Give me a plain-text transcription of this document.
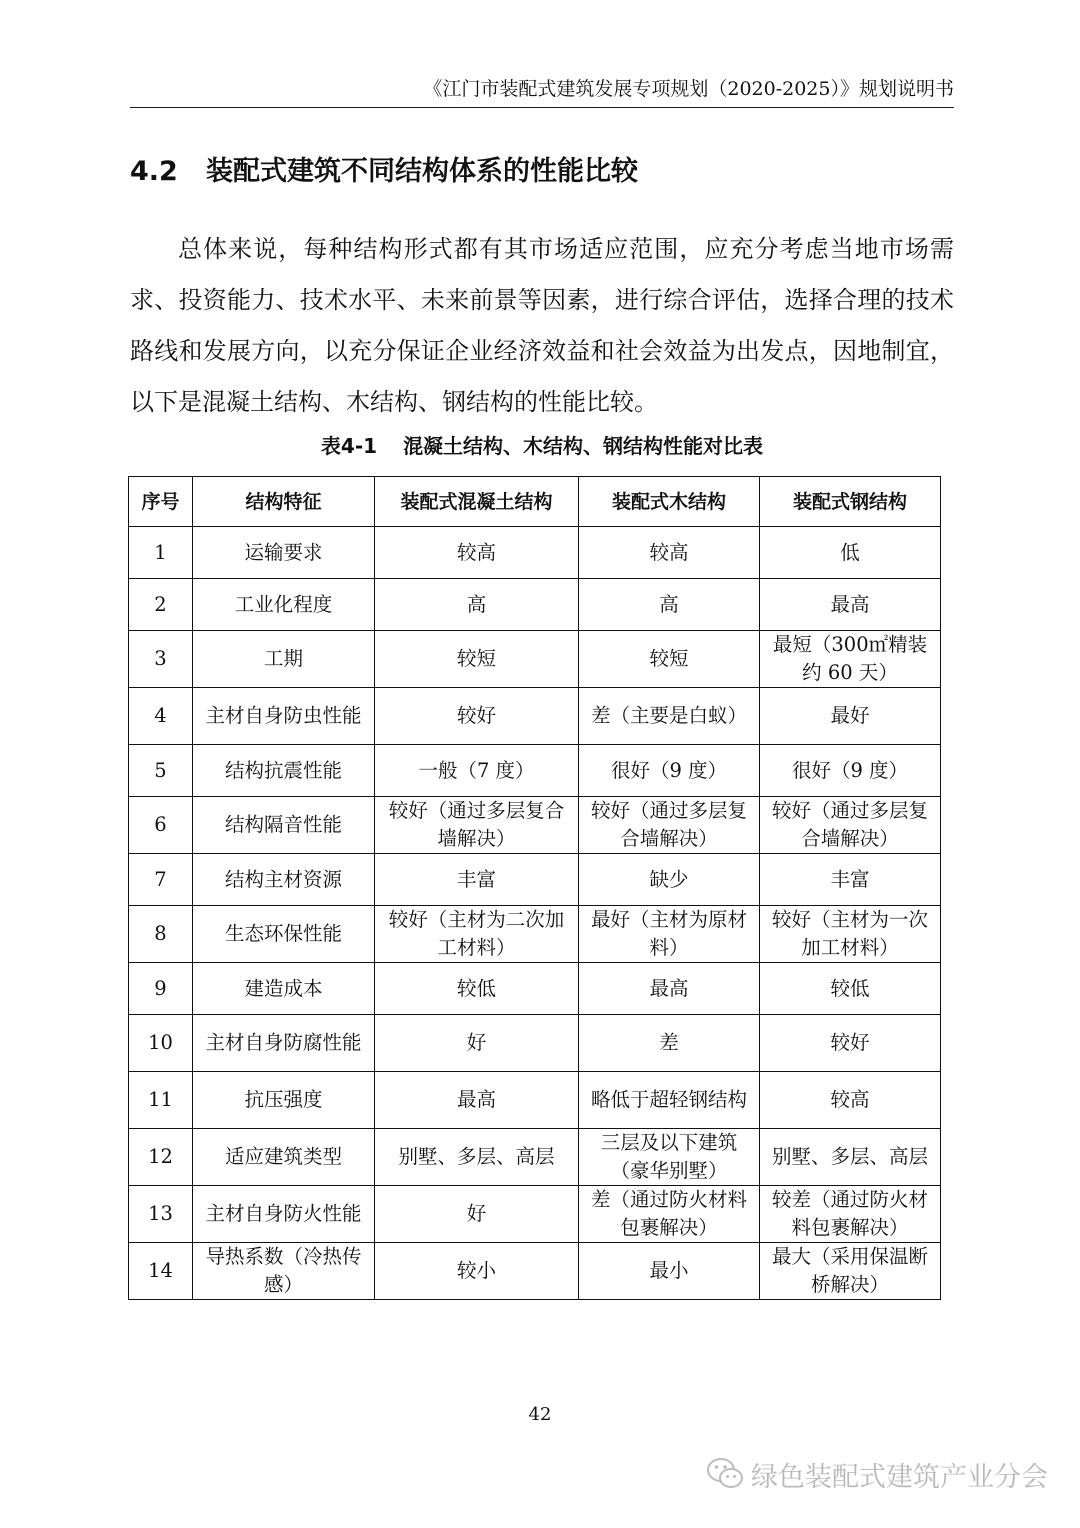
《江门市装配式建筑发展专项规划（2020-2025）》规划说明书
4.2 装配式建筑不同结构体系的性能比较
总体来说，每种结构形式都有其市场适应范围，应充分考虑当地市场需求、投资能力、技术水平、未来前景等因素，进行综合评估，选择合理的技术路线和发展方向，以充分保证企业经济效益和社会效益为出发点，因地制宜，以下是混凝土结构、木结构、钢结构的性能比较。
表4-1 混凝土结构、木结构、钢结构性能对比表
序号	结构特征	装配式混凝土结构	装配式木结构	装配式钢结构
1	运输要求	较高	较高	低
2	工业化程度	高	高	最高
3	工期	较短	较短	最短（300㎡精装约 60 天）
4	主材自身防虫性能	较好	差（主要是白蚁）	最好
5	结构抗震性能	一般（7 度）	很好（9 度）	很好（9 度）
6	结构隔音性能	较好（通过多层复合墙解决）	较好（通过多层复合墙解决）	较好（通过多层复合墙解决）
7	结构主材资源	丰富	缺少	丰富
8	生态环保性能	较好（主材为二次加 工材料）	最好（主材为原材料）	较好（主材为一次加工材料）
9	建造成本	较低	最高	较低
10	主材自身防腐性能	好	差	较好
11	抗压强度	最高	略低于超轻钢结构	较高
12	适应建筑类型	别墅、多层、高层	三层及以下建筑（豪华别墅）	别墅、多层、高层
13	主材自身防火性能	好	差（通过防火材料包裹解决）	较差（通过防火材料包裹解决）
14	导热系数（冷热传感）	较小	最小	最大（采用保温断桥解决）
42
绿色装配式建筑产业分会
